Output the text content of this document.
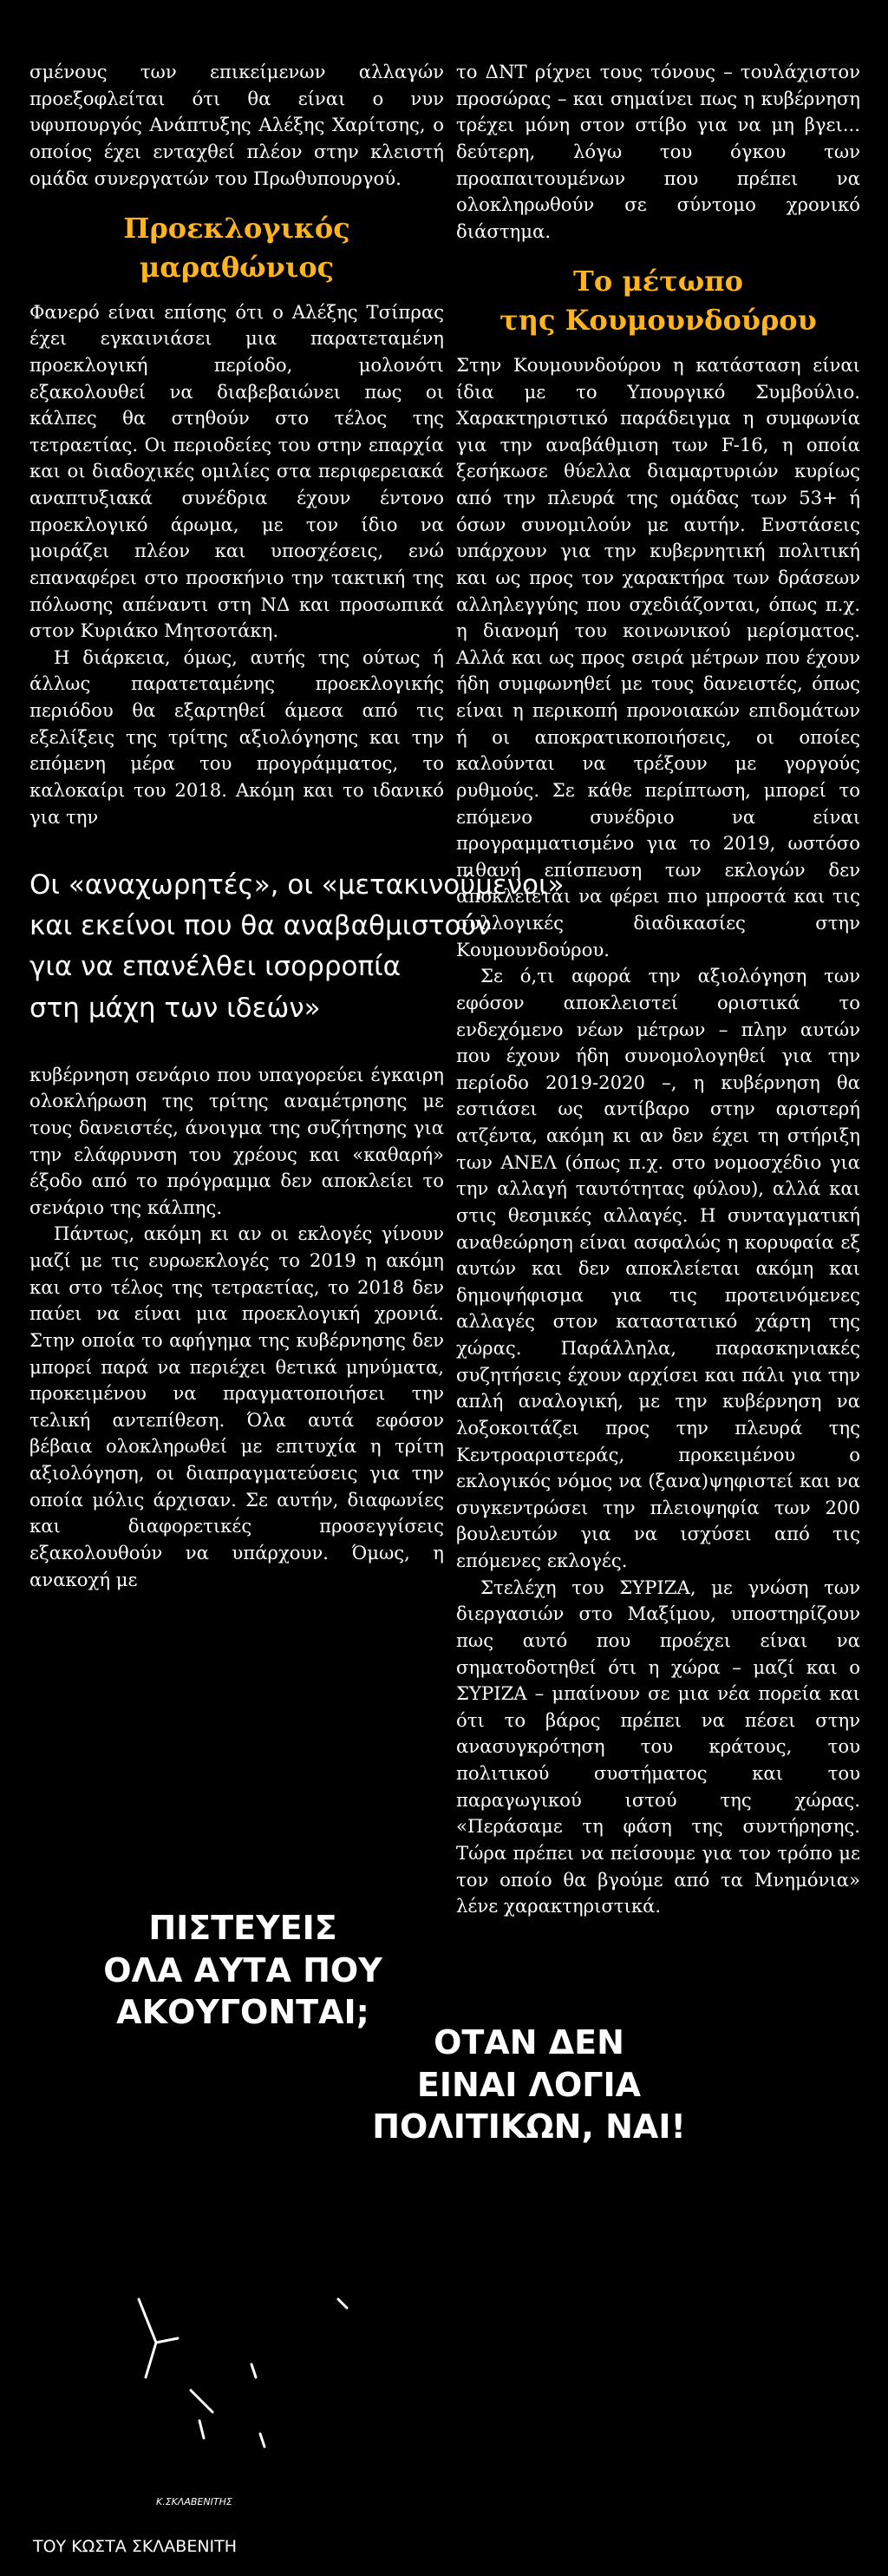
σμένους των επικείμενων αλλαγών προεξοφλείται ότι θα είναι ο νυν υφυπουργός Ανάπτυξης Αλέξης Χαρίτσης, ο οποίος έχει ενταχθεί πλέον στην κλειστή ομάδα συνεργατών του Πρωθυπουργού.

Προεκλογικός
μαραθώνιος

Φανερό είναι επίσης ότι ο Αλέξης Τσίπρας έχει εγκαινιάσει μια παρατεταμένη προεκλογική περίοδο, μολονότι εξακολουθεί να διαβεβαιώνει πως οι κάλπες θα στηθούν στο τέλος της τετραετίας. Οι περιοδείες του στην επαρχία και οι διαδοχικές ομιλίες στα περιφερειακά αναπτυξιακά συνέδρια έχουν έντονο προεκλογικό άρωμα, με τον ίδιο να μοιράζει πλέον και υποσχέσεις, ενώ επαναφέρει στο προσκήνιο την τακτική της πόλωσης απέναντι στη ΝΔ και προσωπικά στον Κυριάκο Μητσοτάκη.

Η διάρκεια, όμως, αυτής της ούτως ή άλλως παρατεταμένης προεκλογικής περιόδου θα εξαρτηθεί άμεσα από τις εξελίξεις της τρίτης αξιολόγησης και την επόμενη μέρα του προγράμματος, το καλοκαίρι του 2018. Ακόμη και το ιδανικό για την

Οι «αναχωρητές», οι «μετακινούμενοι»
και εκείνοι που θα αναβαθμιστούν
για να επανέλθει ισορροπία
στη μάχη των ιδεών»

κυβέρνηση σενάριο που υπαγορεύει έγκαιρη ολοκλήρωση της τρίτης αναμέτρησης με τους δανειστές, άνοιγμα της συζήτησης για την ελάφρυνση του χρέους και «καθαρή» έξοδο από το πρόγραμμα δεν αποκλείει το σενάριο της κάλπης.

Πάντως, ακόμη κι αν οι εκλογές γίνουν μαζί με τις ευρωεκλογές το 2019 η ακόμη και στο τέλος της τετραετίας, το 2018 δεν παύει να είναι μια προεκλογική χρονιά. Στην οποία το αφήγημα της κυβέρνησης δεν μπορεί παρά να περιέχει θετικά μηνύματα, προκειμένου να πραγματοποιήσει την τελική αντεπίθεση. Όλα αυτά εφόσον βέβαια ολοκληρωθεί με επιτυχία η τρίτη αξιολόγηση, οι διαπραγματεύσεις για την οποία μόλις άρχισαν. Σε αυτήν, διαφωνίες και διαφορετικές προσεγγίσεις εξακολουθούν να υπάρχουν. Όμως, η ανακοχή με

το ΔΝΤ ρίχνει τους τόνους – τουλάχιστον προσώρας – και σημαίνει πως η κυβέρνηση τρέχει μόνη στον στίβο για να μη βγει... δεύτερη, λόγω του όγκου των προαπαιτουμένων που πρέπει να ολοκληρωθούν σε σύντομο χρονικό διάστημα.

Το μέτωπο
της Κουμουνδούρου

Στην Κουμουνδούρου η κατάσταση είναι ίδια με το Υπουργικό Συμβούλιο. Χαρακτηριστικό παράδειγμα η συμφωνία για την αναβάθμιση των F-16, η οποία ξεσήκωσε θύελλα διαμαρτυριών κυρίως από την πλευρά της ομάδας των 53+ ή όσων συνομιλούν με αυτήν. Ενστάσεις υπάρχουν για την κυβερνητική πολιτική και ως προς τον χαρακτήρα των δράσεων αλληλεγγύης που σχεδιάζονται, όπως π.χ. η διανομή του κοινωνικού μερίσματος. Αλλά και ως προς σειρά μέτρων που έχουν ήδη συμφωνηθεί με τους δανειστές, όπως είναι η περικοπή προνοιακών επιδομάτων ή οι αποκρατικοποιήσεις, οι οποίες καλούνται να τρέξουν με γοργούς ρυθμούς. Σε κάθε περίπτωση, μπορεί το επόμενο συνέδριο να είναι προγραμματισμένο για το 2019, ωστόσο πιθανή επίσπευση των εκλογών δεν αποκλείεται να φέρει πιο μπροστά και τις συλλογικές διαδικασίες στην Κουμουνδούρου.

Σε ό,τι αφορά την αξιολόγηση των εφόσον αποκλειστεί οριστικά το ενδεχόμενο νέων μέτρων – πλην αυτών που έχουν ήδη συνομολογηθεί για την περίοδο 2019-2020 –, η κυβέρνηση θα εστιάσει ως αντίβαρο στην αριστερή ατζέντα, ακόμη κι αν δεν έχει τη στήριξη των ΑΝΕΛ (όπως π.χ. στο νομοσχέδιο για την αλλαγή ταυτότητας φύλου), αλλά και στις θεσμικές αλλαγές. Η συνταγματική αναθεώρηση είναι ασφαλώς η κορυφαία εξ αυτών και δεν αποκλείεται ακόμη και δημοψήφισμα για τις προτεινόμενες αλλαγές στον καταστατικό χάρτη της χώρας. Παράλληλα, παρασκηνιακές συζητήσεις έχουν αρχίσει και πάλι για την απλή αναλογική, με την κυβέρνηση να λοξοκοιτάζει προς την πλευρά της Κεντροαριστεράς, προκειμένου ο εκλογικός νόμος να (ξανα)ψηφιστεί και να συγκεντρώσει την πλειοψηφία των 200 βουλευτών για να ισχύσει από τις επόμενες εκλογές.

Στελέχη του ΣΥΡΙΖΑ, με γνώση των διεργασιών στο Μαξίμου, υποστηρίζουν πως αυτό που προέχει είναι να σηματοδοτηθεί ότι η χώρα – μαζί και ο ΣΥΡΙΖΑ – μπαίνουν σε μια νέα πορεία και ότι το βάρος πρέπει να πέσει στην ανασυγκρότηση του κράτους, του πολιτικού συστήματος και του παραγωγικού ιστού της χώρας. «Περάσαμε τη φάση της συντήρησης. Τώρα πρέπει να πείσουμε για τον τρόπο με τον οποίο θα βγούμε από τα Μνημόνια» λένε χαρακτηριστικά.

ΠΙΣΤΕΥΕΙΣ
ΟΛΑ ΑΥΤΑ ΠΟΥ
ΑΚΟΥΓΟΝΤΑΙ;
ΟΤΑΝ ΔΕΝ
ΕΙΝΑΙ ΛΟΓΙΑ
ΠΟΛΙΤΙΚΩΝ, ΝΑΙ!
Κ.ΣΚΛΑΒΕΝΙΤΗΣ
ΤΟΥ ΚΩΣΤΑ ΣΚΛΑΒΕΝΙΤΗ
